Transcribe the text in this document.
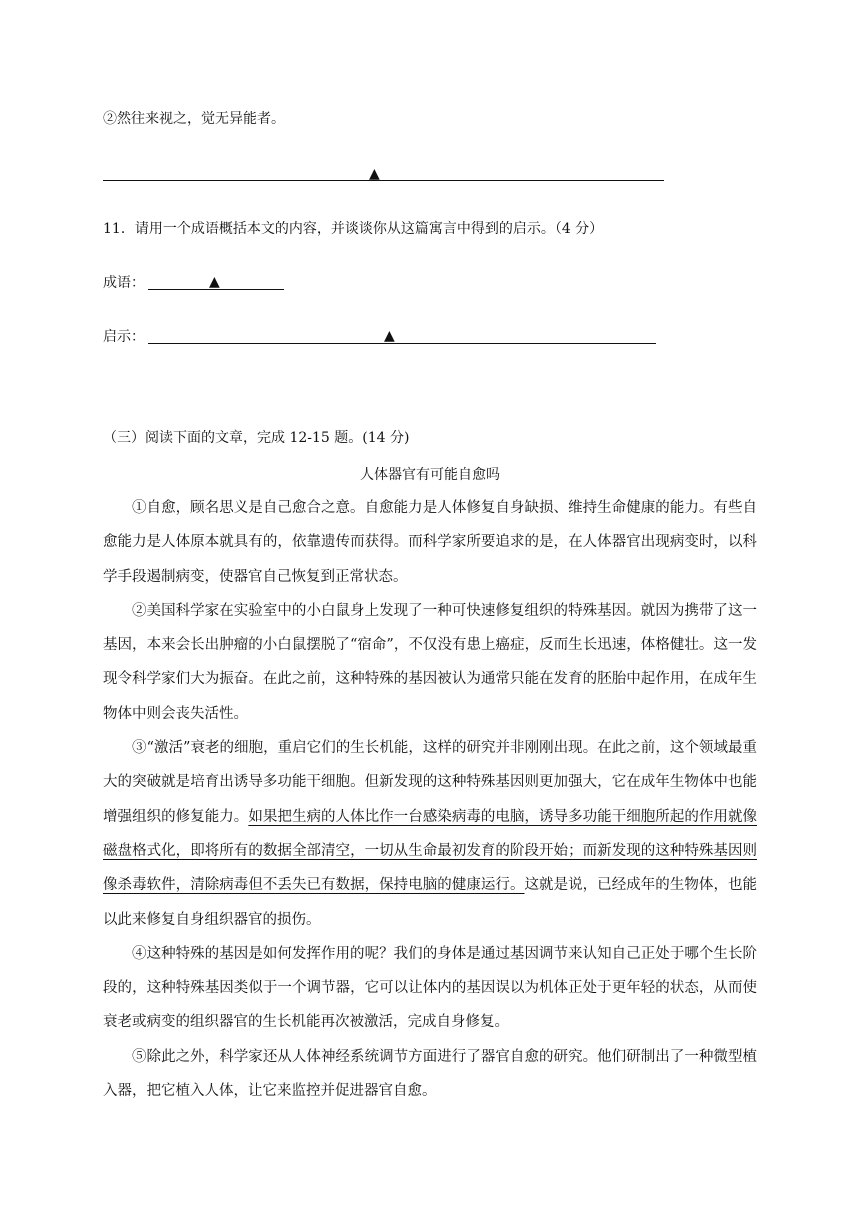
②然往来视之，觉无异能者。
▲
11．请用一个成语概括本文的内容，并谈谈你从这篇寓言中得到的启示。（4 分）
成语：	▲
启示：	▲
（三）阅读下面的文章，完成 12-15 题。(14 分)
人体器官有可能自愈吗

①自愈，顾名思义是自己愈合之意。自愈能力是人体修复自身缺损、维持生命健康的能力。有些自愈能力是人体原本就具有的，依靠遗传而获得。而科学家所要追求的是，在人体器官出现病变时，以科学手段遏制病变，使器官自己恢复到正常状态。

②美国科学家在实验室中的小白鼠身上发现了一种可快速修复组织的特殊基因。就因为携带了这一基因，本来会长出肿瘤的小白鼠摆脱了“宿命”，不仅没有患上癌症，反而生长迅速，体格健壮。这一发现令科学家们大为振奋。在此之前，这种特殊的基因被认为通常只能在发育的胚胎中起作用，在成年生物体中则会丧失活性。

③“激活”衰老的细胞，重启它们的生长机能，这样的研究并非刚刚出现。在此之前，这个领域最重大的突破就是培育出诱导多功能干细胞。但新发现的这种特殊基因则更加强大，它在成年生物体中也能增强组织的修复能力。如果把生病的人体比作一台感染病毒的电脑，诱导多功能干细胞所起的作用就像磁盘格式化，即将所有的数据全部清空，一切从生命最初发育的阶段开始；而新发现的这种特殊基因则像杀毒软件，清除病毒但不丢失已有数据，保持电脑的健康运行。这就是说，已经成年的生物体，也能以此来修复自身组织器官的损伤。

④这种特殊的基因是如何发挥作用的呢？我们的身体是通过基因调节来认知自己正处于哪个生长阶段的，这种特殊基因类似于一个调节器，它可以让体内的基因误以为机体正处于更年轻的状态，从而使衰老或病变的组织器官的生长机能再次被激活，完成自身修复。

⑤除此之外，科学家还从人体神经系统调节方面进行了器官自愈的研究。他们研制出了一种微型植入器，把它植入人体，让它来监控并促进器官自愈。
